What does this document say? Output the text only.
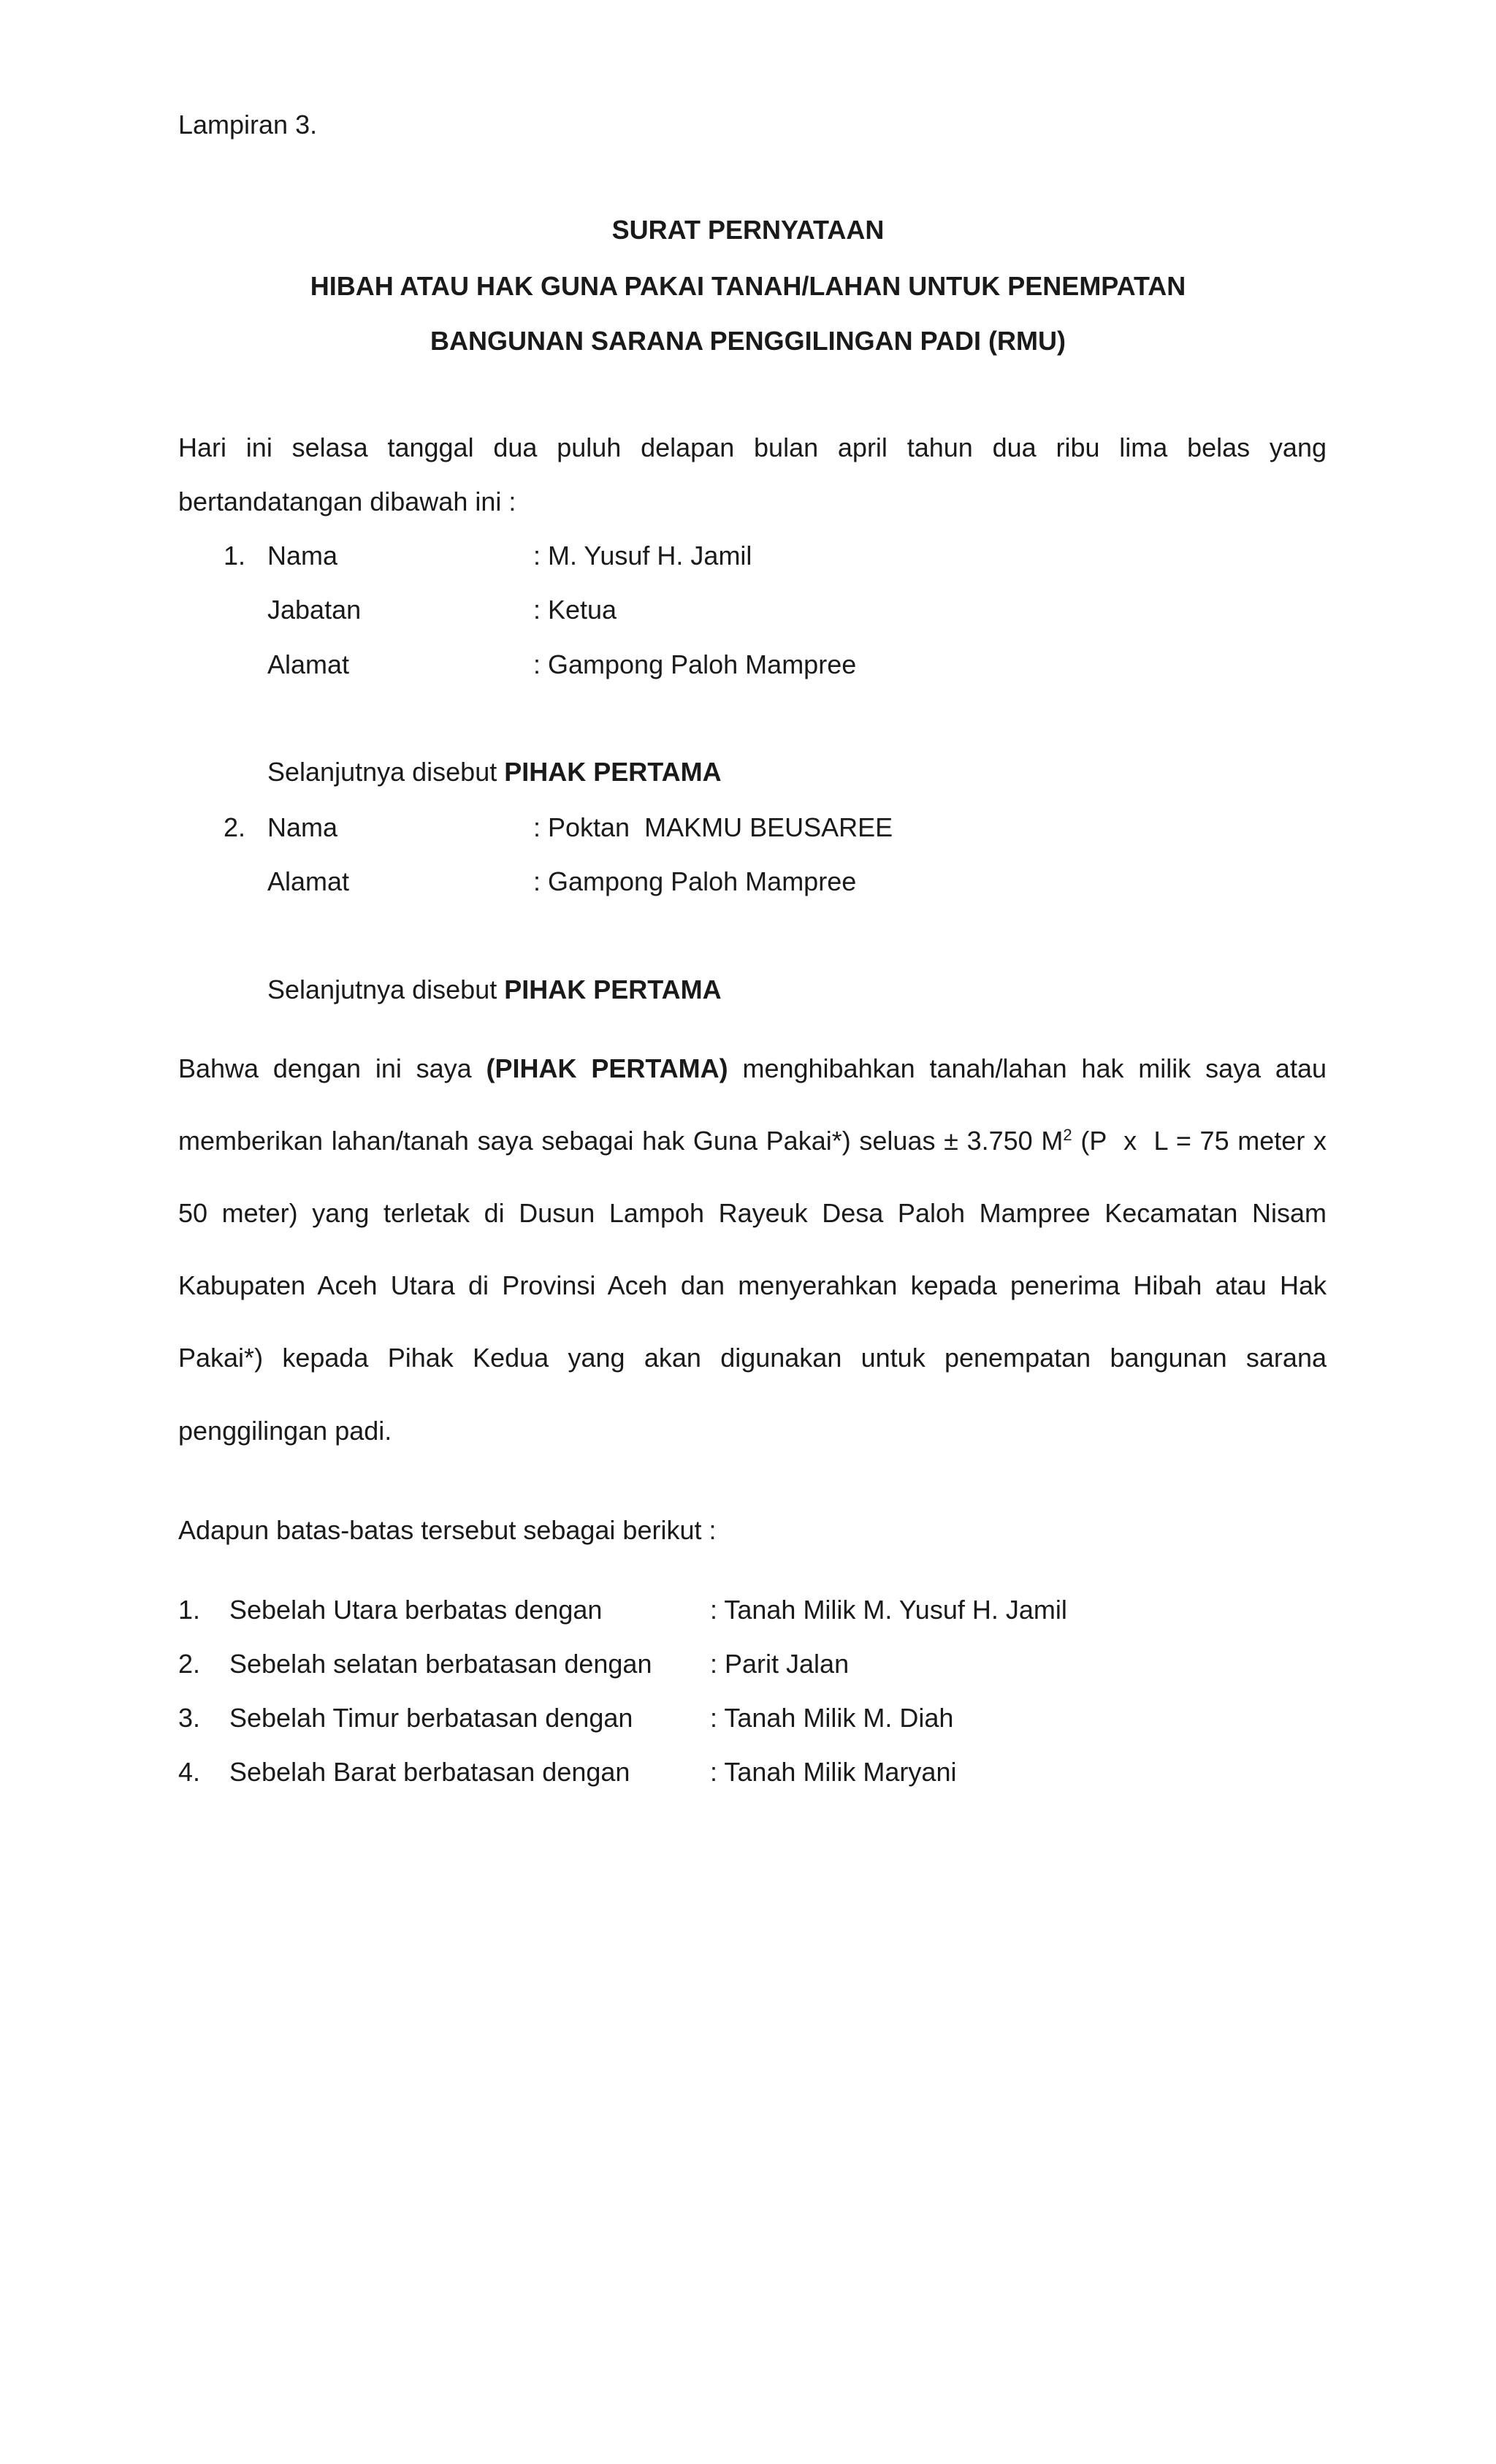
Lampiran 3.
SURAT PERNYATAAN
HIBAH ATAU HAK GUNA PAKAI TANAH/LAHAN UNTUK PENEMPATAN
BANGUNAN SARANA PENGGILINGAN PADI (RMU)
Hari ini selasa tanggal dua puluh delapan bulan april tahun dua ribu lima belas yang
bertandatangan dibawah ini :
1. Nama	: M. Yusuf H. Jamil
Jabatan	: Ketua
Alamat	: Gampong Paloh Mampree
Selanjutnya disebut PIHAK PERTAMA
2. Nama	: Poktan  MAKMU BEUSAREE
Alamat	: Gampong Paloh Mampree
Selanjutnya disebut PIHAK PERTAMA
Bahwa dengan ini saya (PIHAK PERTAMA) menghibahkan tanah/lahan hak milik saya atau
memberikan lahan/tanah saya sebagai hak Guna Pakai*) seluas ± 3.750 $M^2$ (P  x  L = 75 meter x
50 meter) yang terletak di Dusun Lampoh Rayeuk Desa Paloh Mampree Kecamatan Nisam
Kabupaten Aceh Utara di Provinsi Aceh dan menyerahkan kepada penerima Hibah atau Hak
Pakai*) kepada Pihak Kedua yang akan digunakan untuk penempatan bangunan sarana
penggilingan padi.
Adapun batas-batas tersebut sebagai berikut :
1. Sebelah Utara berbatas dengan	: Tanah Milik M. Yusuf H. Jamil
2. Sebelah selatan berbatasan dengan : Parit Jalan
3. Sebelah Timur berbatasan dengan	: Tanah Milik M. Diah
4. Sebelah Barat berbatasan dengan	: Tanah Milik Maryani
